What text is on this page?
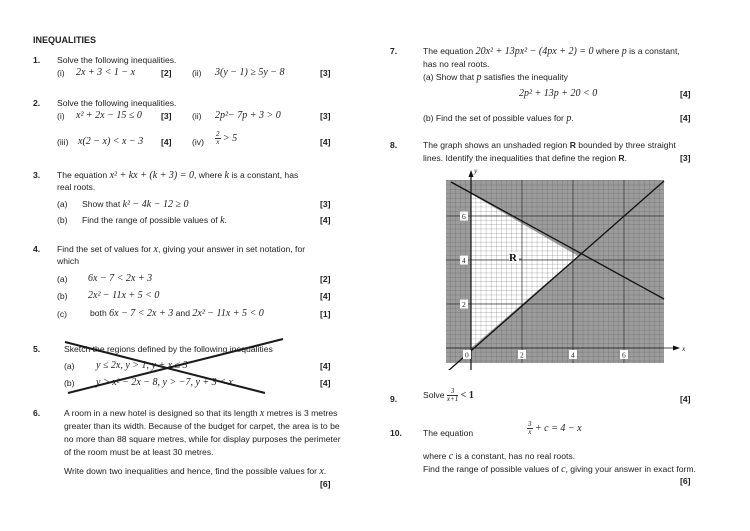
INEQUALITIES
1. Solve the following inequalities.
(i) 2x + 3 < 1 − x	[2] (ii) 3(y − 1) ≥ 5y − 8	[3]
2. Solve the following inequalities.
(i) x² + 2x − 15 ≤ 0 [3] (ii) 2p²− 7p + 3 > 0	[3]
(iii) x(2 − x) < x − 3 [4] $(iv) \frac{2}{x} > 5$	[4]
3. The equation x² + kx + (k + 3) = 0, where k is a constant, has
real roots.
(a) Show that k² − 4k − 12 ≥ 0	[3]
(b) Find the range of possible values of k.	[4]
4. Find the set of values for x, giving your answer in set notation, for
which
(a) 6x − 7 < 2x + 3	[2]
(b) 2x² − 11x + 5 < 0	[4]
(c)	both 6x − 7 < 2x + 3 and 2x² − 11x + 5 < 0	[1]
5.	Sketch the regions defined by the following inequalities
(a) y ≤ 2x, y > 1, y + x ≤ 3	[4]
(b) y > x² − 2x − 8, y > −7, y + 3 < x	[4]
6.	A room in a new hotel is designed so that its length x metres is 3 metres
greater than its width. Because of the budget for carpet, the area is to be
no more than 88 square metres, while for display purposes the perimeter
of the room must be at least 30 metres.
Write down two inequalities and hence, find the possible values for x.
[6]
7.	The equation 20x² + 13px² − (4px + 2) = 0 where p is a constant,
has no real roots.
(a) Show that p satisfies the inequality
2p² + 13p + 20 < 0	[4]
(b) Find the set of possible values for p.	[4]
8.	The graph shows an unshaded region R bounded by three straight
lines. Identify the inequalities that define the region R.	[3]
0	2	4	6
2
4
6
y
x
R
9.	Solve $\frac{3}{x+1} < 1$	[4]
10. The equation	$\frac{3}{x} + c = 4 - x$
where c is a constant, has no real roots.
Find the range of possible values of c, giving your answer in exact form.
[6]
